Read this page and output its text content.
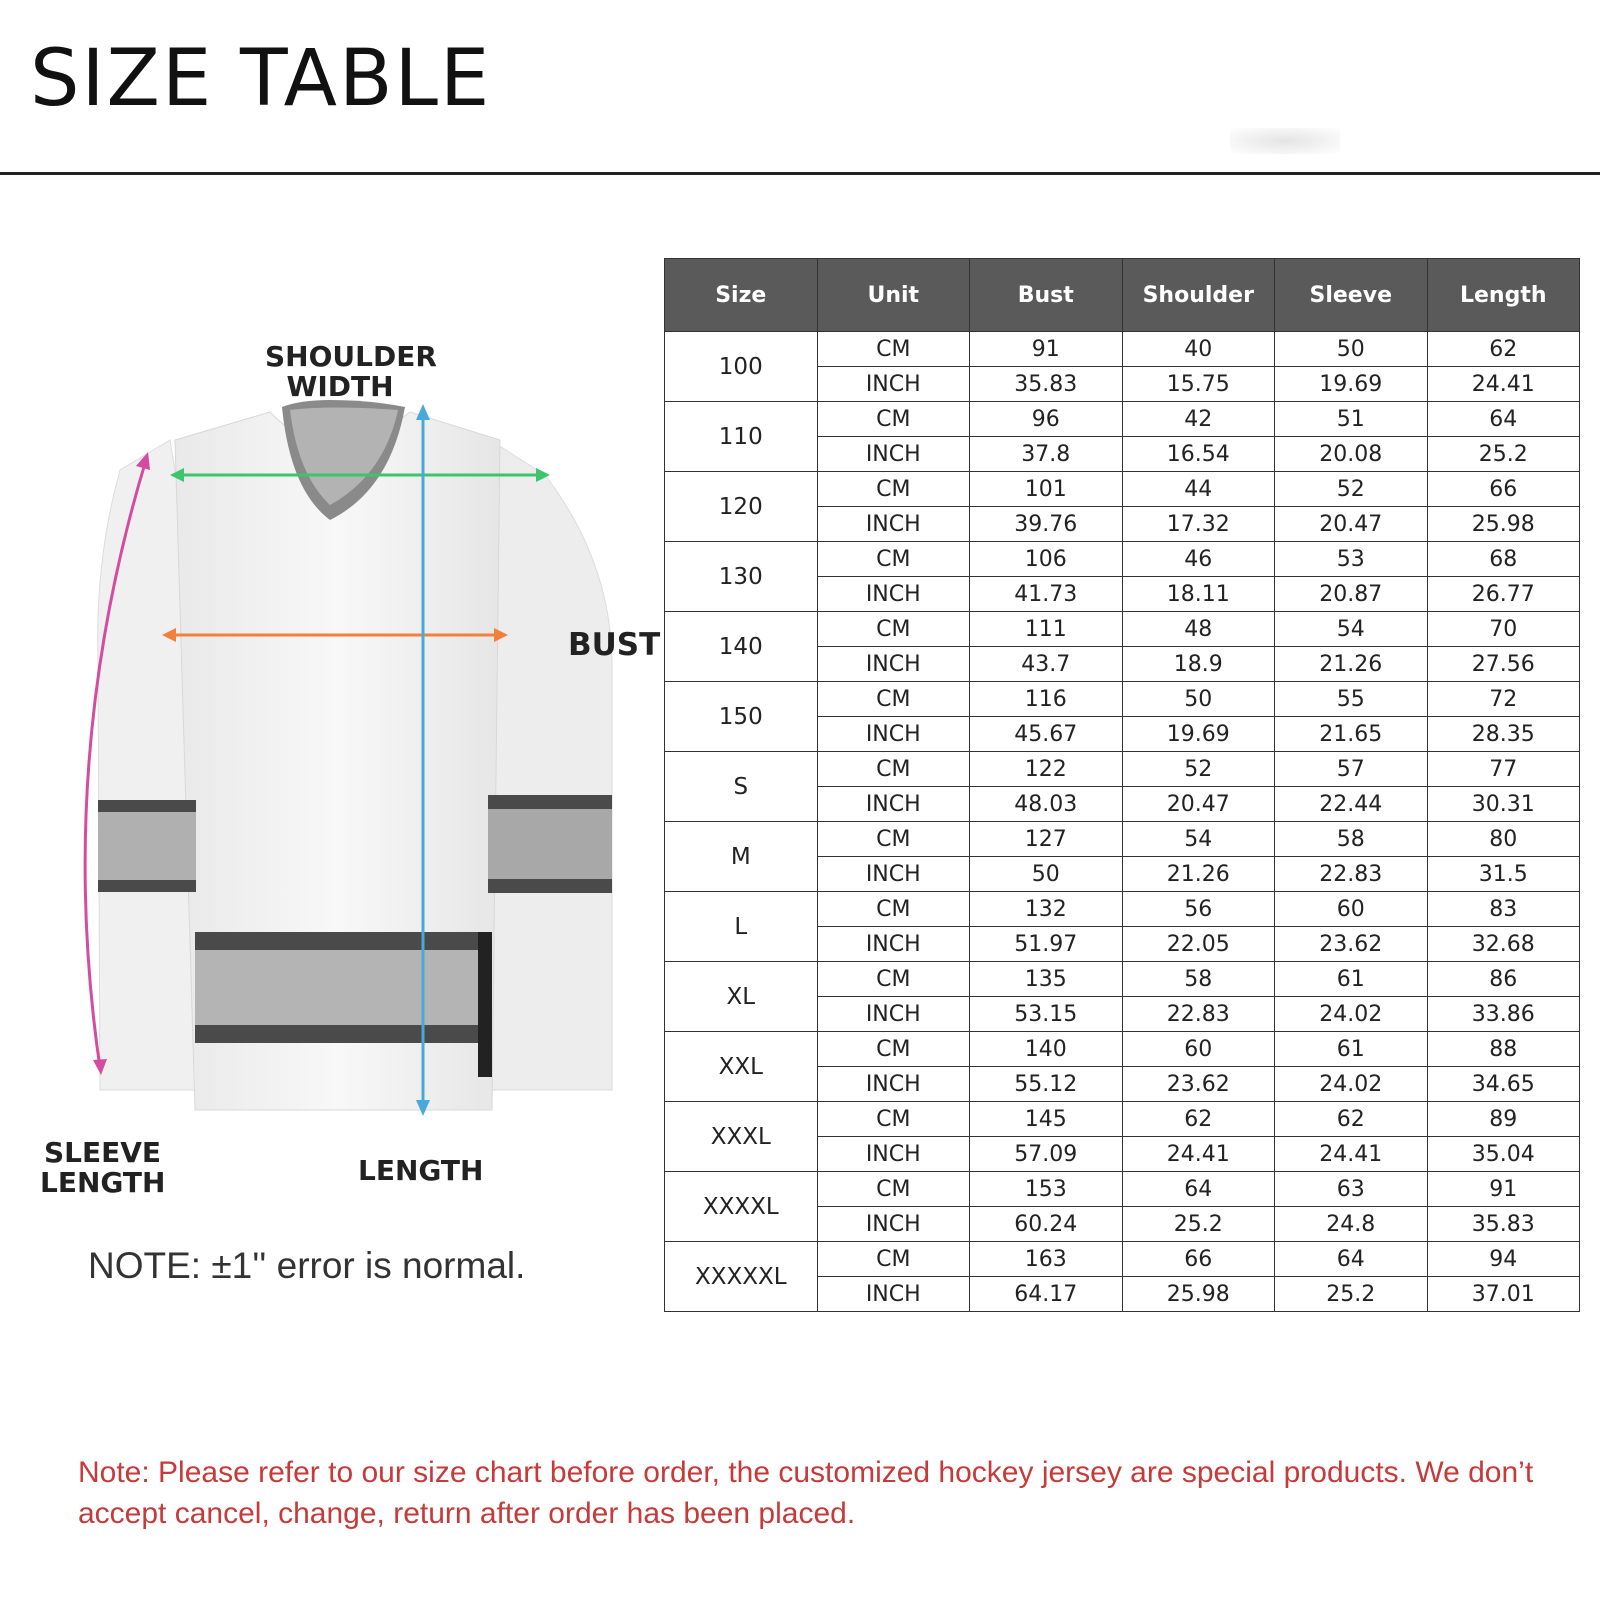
SIZE TABLE
SHOULDER WIDTH
BUST
SLEEVE LENGTH	LENGTH
NOTE: ±1'' error is normal.
Size	Unit	Bust	Shoulder	Sleeve	Length
100	CM	91	40	50	62
	INCH	35.83	15.75	19.69	24.41
110	CM	96	42	51	64
	INCH	37.8	16.54	20.08	25.2
120	CM	101	44	52	66
	INCH	39.76	17.32	20.47	25.98
130	CM	106	46	53	68
	INCH	41.73	18.11	20.87	26.77
140	CM	111	48	54	70
	INCH	43.7	18.9	21.26	27.56
150	CM	116	50	55	72
	INCH	45.67	19.69	21.65	28.35
S	CM	122	52	57	77
	INCH	48.03	20.47	22.44	30.31
M	CM	127	54	58	80
	INCH	50	21.26	22.83	31.5
L	CM	132	56	60	83
	INCH	51.97	22.05	23.62	32.68
XL	CM	135	58	61	86
	INCH	53.15	22.83	24.02	33.86
XXL	CM	140	60	61	88
	INCH	55.12	23.62	24.02	34.65
XXXL	CM	145	62	62	89
	INCH	57.09	24.41	24.41	35.04
XXXXL	CM	153	64	63	91
	INCH	60.24	25.2	24.8	35.83
XXXXXL	CM	163	66	64	94
	INCH	64.17	25.98	25.2	37.01
Note: Please refer to our size chart before order, the customized hockey jersey are special products. We don’t accept cancel, change, return after order has been placed.
